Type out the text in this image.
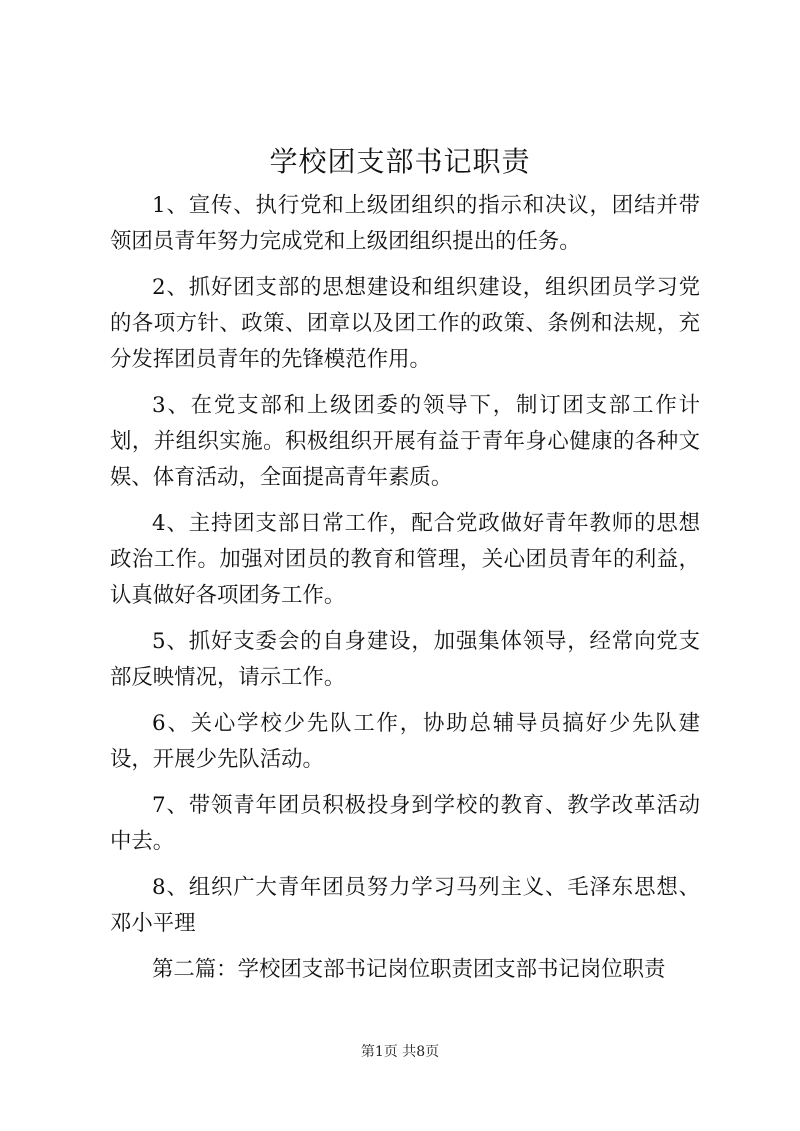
学校团支部书记职责

1、宣传、执行党和上级团组织的指示和决议，团结并带领团员青年努力完成党和上级团组织提出的任务。

2、抓好团支部的思想建设和组织建设，组织团员学习党的各项方针、政策、团章以及团工作的政策、条例和法规，充分发挥团员青年的先锋模范作用。

3、在党支部和上级团委的领导下，制订团支部工作计划，并组织实施。积极组织开展有益于青年身心健康的各种文娱、体育活动，全面提高青年素质。

4、主持团支部日常工作，配合党政做好青年教师的思想政治工作。加强对团员的教育和管理，关心团员青年的利益，认真做好各项团务工作。

5、抓好支委会的自身建设，加强集体领导，经常向党支部反映情况，请示工作。

6、关心学校少先队工作，协助总辅导员搞好少先队建设，开展少先队活动。

7、带领青年团员积极投身到学校的教育、教学改革活动中去。

8、组织广大青年团员努力学习马列主义、毛泽东思想、邓小平理

第二篇：学校团支部书记岗位职责团支部书记岗位职责

第1页 共8页
